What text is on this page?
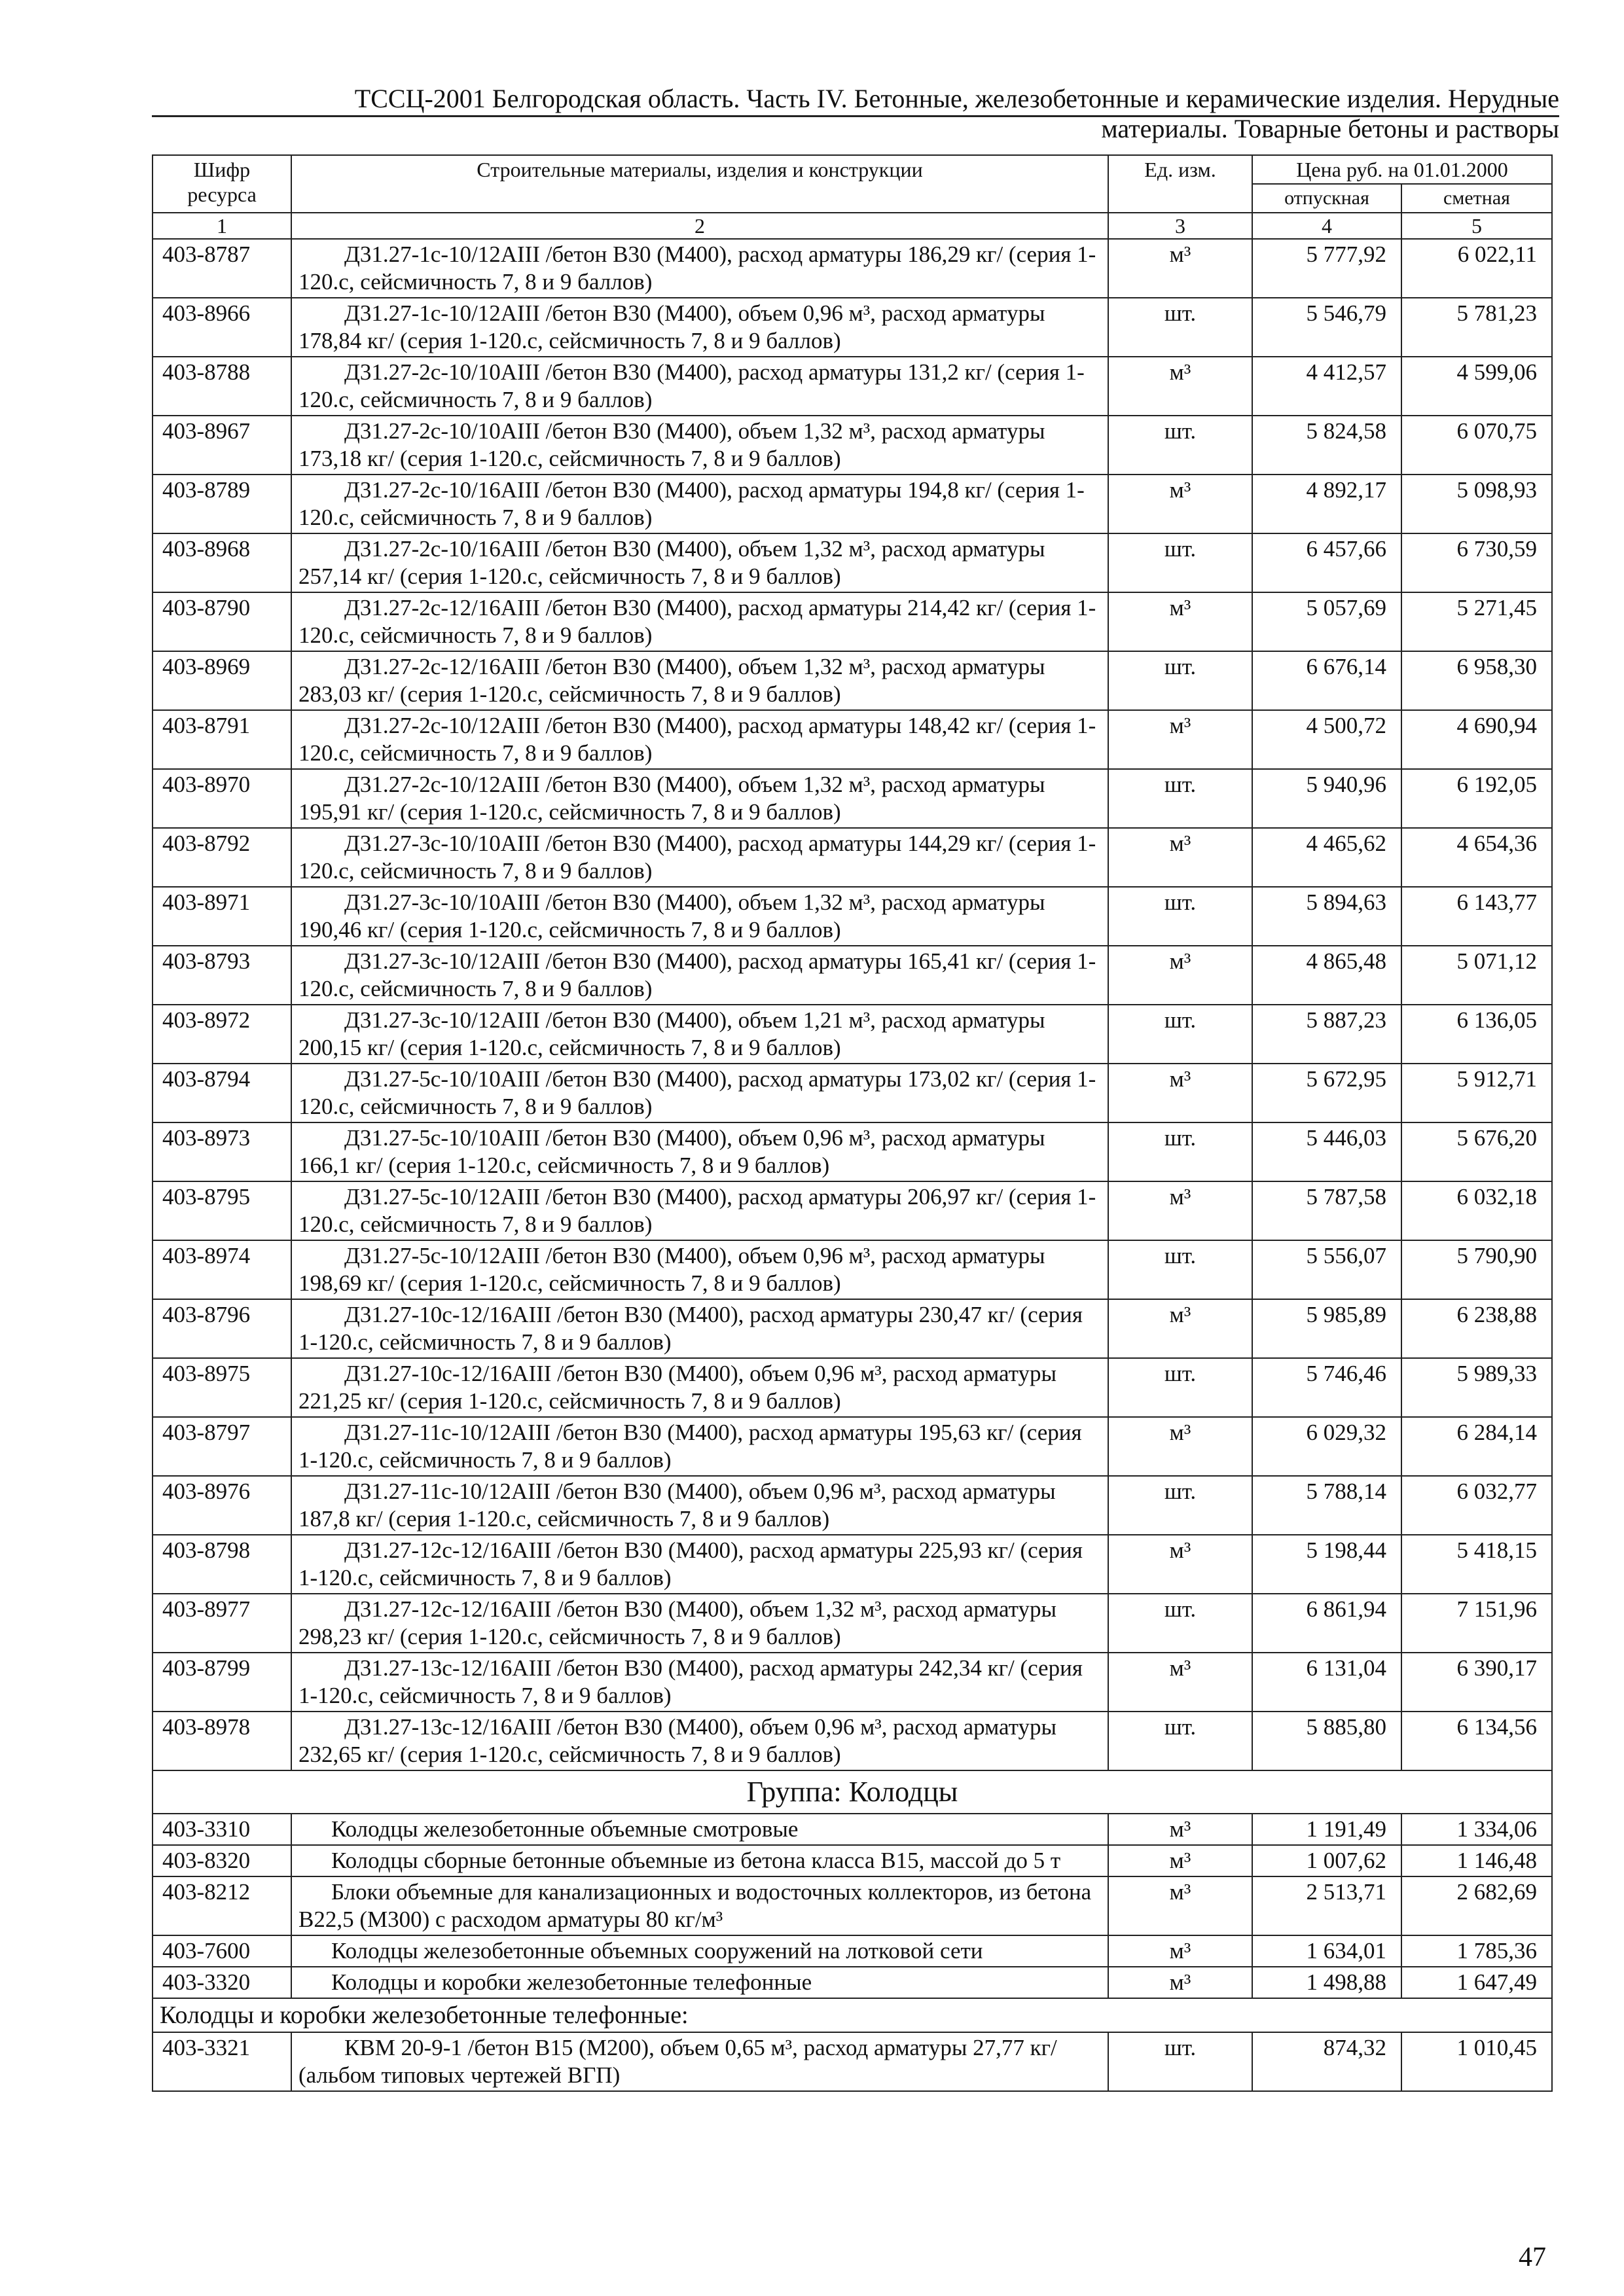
ТССЦ-2001 Белгородская область. Часть IV. Бетонные, железобетонные и керамические изделия. Нерудные
материалы. Товарные бетоны и растворы
Шифр ресурса	Строительные материалы, изделия и конструкции	Ед. изм.	Цена руб. на 01.01.2000	
			отпускная	сметная
1	2	3	4	5
403-8787	Д31.27-1с-10/12АIII /бетон В30 (М400), расход арматуры 186,29 кг/ (серия 1-120.с, сейсмичность 7, 8 и 9 баллов)	м³	5 777,92	6 022,11
403-8966	Д31.27-1с-10/12АIII /бетон В30 (М400), объем 0,96 м³, расход арматуры 178,84 кг/ (серия 1-120.с, сейсмичность 7, 8 и 9 баллов)	шт.	5 546,79	5 781,23
403-8788	Д31.27-2с-10/10АIII /бетон В30 (М400), расход арматуры 131,2 кг/ (серия 1-120.с, сейсмичность 7, 8 и 9 баллов)	м³	4 412,57	4 599,06
403-8967	Д31.27-2с-10/10АIII /бетон В30 (М400), объем 1,32 м³, расход арматуры 173,18 кг/ (серия 1-120.с, сейсмичность 7, 8 и 9 баллов)	шт.	5 824,58	6 070,75
403-8789	Д31.27-2с-10/16АIII /бетон В30 (М400), расход арматуры 194,8 кг/ (серия 1-120.с, сейсмичность 7, 8 и 9 баллов)	м³	4 892,17	5 098,93
403-8968	Д31.27-2с-10/16АIII /бетон В30 (М400), объем 1,32 м³, расход арматуры 257,14 кг/ (серия 1-120.с, сейсмичность 7, 8 и 9 баллов)	шт.	6 457,66	6 730,59
403-8790	Д31.27-2с-12/16АIII /бетон В30 (М400), расход арматуры 214,42 кг/ (серия 1-120.с, сейсмичность 7, 8 и 9 баллов)	м³	5 057,69	5 271,45
403-8969	Д31.27-2с-12/16АIII /бетон В30 (М400), объем 1,32 м³, расход арматуры 283,03 кг/ (серия 1-120.с, сейсмичность 7, 8 и 9 баллов)	шт.	6 676,14	6 958,30
403-8791	Д31.27-2с-10/12АIII /бетон В30 (М400), расход арматуры 148,42 кг/ (серия 1-120.с, сейсмичность 7, 8 и 9 баллов)	м³	4 500,72	4 690,94
403-8970	Д31.27-2с-10/12АIII /бетон В30 (М400), объем 1,32 м³, расход арматуры 195,91 кг/ (серия 1-120.с, сейсмичность 7, 8 и 9 баллов)	шт.	5 940,96	6 192,05
403-8792	Д31.27-3с-10/10АIII /бетон В30 (М400), расход арматуры 144,29 кг/ (серия 1-120.с, сейсмичность 7, 8 и 9 баллов)	м³	4 465,62	4 654,36
403-8971	Д31.27-3с-10/10АIII /бетон В30 (М400), объем 1,32 м³, расход арматуры 190,46 кг/ (серия 1-120.с, сейсмичность 7, 8 и 9 баллов)	шт.	5 894,63	6 143,77
403-8793	Д31.27-3с-10/12АIII /бетон В30 (М400), расход арматуры 165,41 кг/ (серия 1-120.с, сейсмичность 7, 8 и 9 баллов)	м³	4 865,48	5 071,12
403-8972	Д31.27-3с-10/12АIII /бетон В30 (М400), объем 1,21 м³, расход арматуры 200,15 кг/ (серия 1-120.с, сейсмичность 7, 8 и 9 баллов)	шт.	5 887,23	6 136,05
403-8794	Д31.27-5с-10/10АIII /бетон В30 (М400), расход арматуры 173,02 кг/ (серия 1-120.с, сейсмичность 7, 8 и 9 баллов)	м³	5 672,95	5 912,71
403-8973	Д31.27-5с-10/10АIII /бетон В30 (М400), объем 0,96 м³, расход арматуры 166,1 кг/ (серия 1-120.с, сейсмичность 7, 8 и 9 баллов)	шт.	5 446,03	5 676,20
403-8795	Д31.27-5с-10/12АIII /бетон В30 (М400), расход арматуры 206,97 кг/ (серия 1-120.с, сейсмичность 7, 8 и 9 баллов)	м³	5 787,58	6 032,18
403-8974	Д31.27-5с-10/12АIII /бетон В30 (М400), объем 0,96 м³, расход арматуры 198,69 кг/ (серия 1-120.с, сейсмичность 7, 8 и 9 баллов)	шт.	5 556,07	5 790,90
403-8796	Д31.27-10с-12/16АIII /бетон В30 (М400), расход арматуры 230,47 кг/ (серия 1-120.с, сейсмичность 7, 8 и 9 баллов)	м³	5 985,89	6 238,88
403-8975	Д31.27-10с-12/16АIII /бетон В30 (М400), объем 0,96 м³, расход арматуры 221,25 кг/ (серия 1-120.с, сейсмичность 7, 8 и 9 баллов)	шт.	5 746,46	5 989,33
403-8797	Д31.27-11с-10/12АIII /бетон В30 (М400), расход арматуры 195,63 кг/ (серия 1-120.с, сейсмичность 7, 8 и 9 баллов)	м³	6 029,32	6 284,14
403-8976	Д31.27-11с-10/12АIII /бетон В30 (М400), объем 0,96 м³, расход арматуры 187,8 кг/ (серия 1-120.с, сейсмичность 7, 8 и 9 баллов)	шт.	5 788,14	6 032,77
403-8798	Д31.27-12с-12/16АIII /бетон В30 (М400), расход арматуры 225,93 кг/ (серия 1-120.с, сейсмичность 7, 8 и 9 баллов)	м³	5 198,44	5 418,15
403-8977	Д31.27-12с-12/16АIII /бетон В30 (М400), объем 1,32 м³, расход арматуры 298,23 кг/ (серия 1-120.с, сейсмичность 7, 8 и 9 баллов)	шт.	6 861,94	7 151,96
403-8799	Д31.27-13с-12/16АIII /бетон В30 (М400), расход арматуры 242,34 кг/ (серия 1-120.с, сейсмичность 7, 8 и 9 баллов)	м³	6 131,04	6 390,17
403-8978	Д31.27-13с-12/16АIII /бетон В30 (М400), объем 0,96 м³, расход арматуры 232,65 кг/ (серия 1-120.с, сейсмичность 7, 8 и 9 баллов)	шт.	5 885,80	6 134,56
Группа: Колодцы				
403-3310	Колодцы железобетонные объемные смотровые	м³	1 191,49	1 334,06
403-8320	Колодцы сборные бетонные объемные из бетона класса В15, массой до 5 т	м³	1 007,62	1 146,48
403-8212	Блоки объемные для канализационных и водосточных коллекторов, из бетона В22,5 (М300) с расходом арматуры 80 кг/м³	м³	2 513,71	2 682,69
403-7600	Колодцы железобетонные объемных сооружений на лотковой сети	м³	1 634,01	1 785,36
403-3320	Колодцы и коробки железобетонные телефонные	м³	1 498,88	1 647,49
Колодцы и коробки железобетонные телефонные:				
403-3321	КВМ 20-9-1 /бетон В15 (М200), объем 0,65 м³, расход арматуры 27,77 кг/ (альбом типовых чертежей ВГП)	шт.	874,32	1 010,45
47
